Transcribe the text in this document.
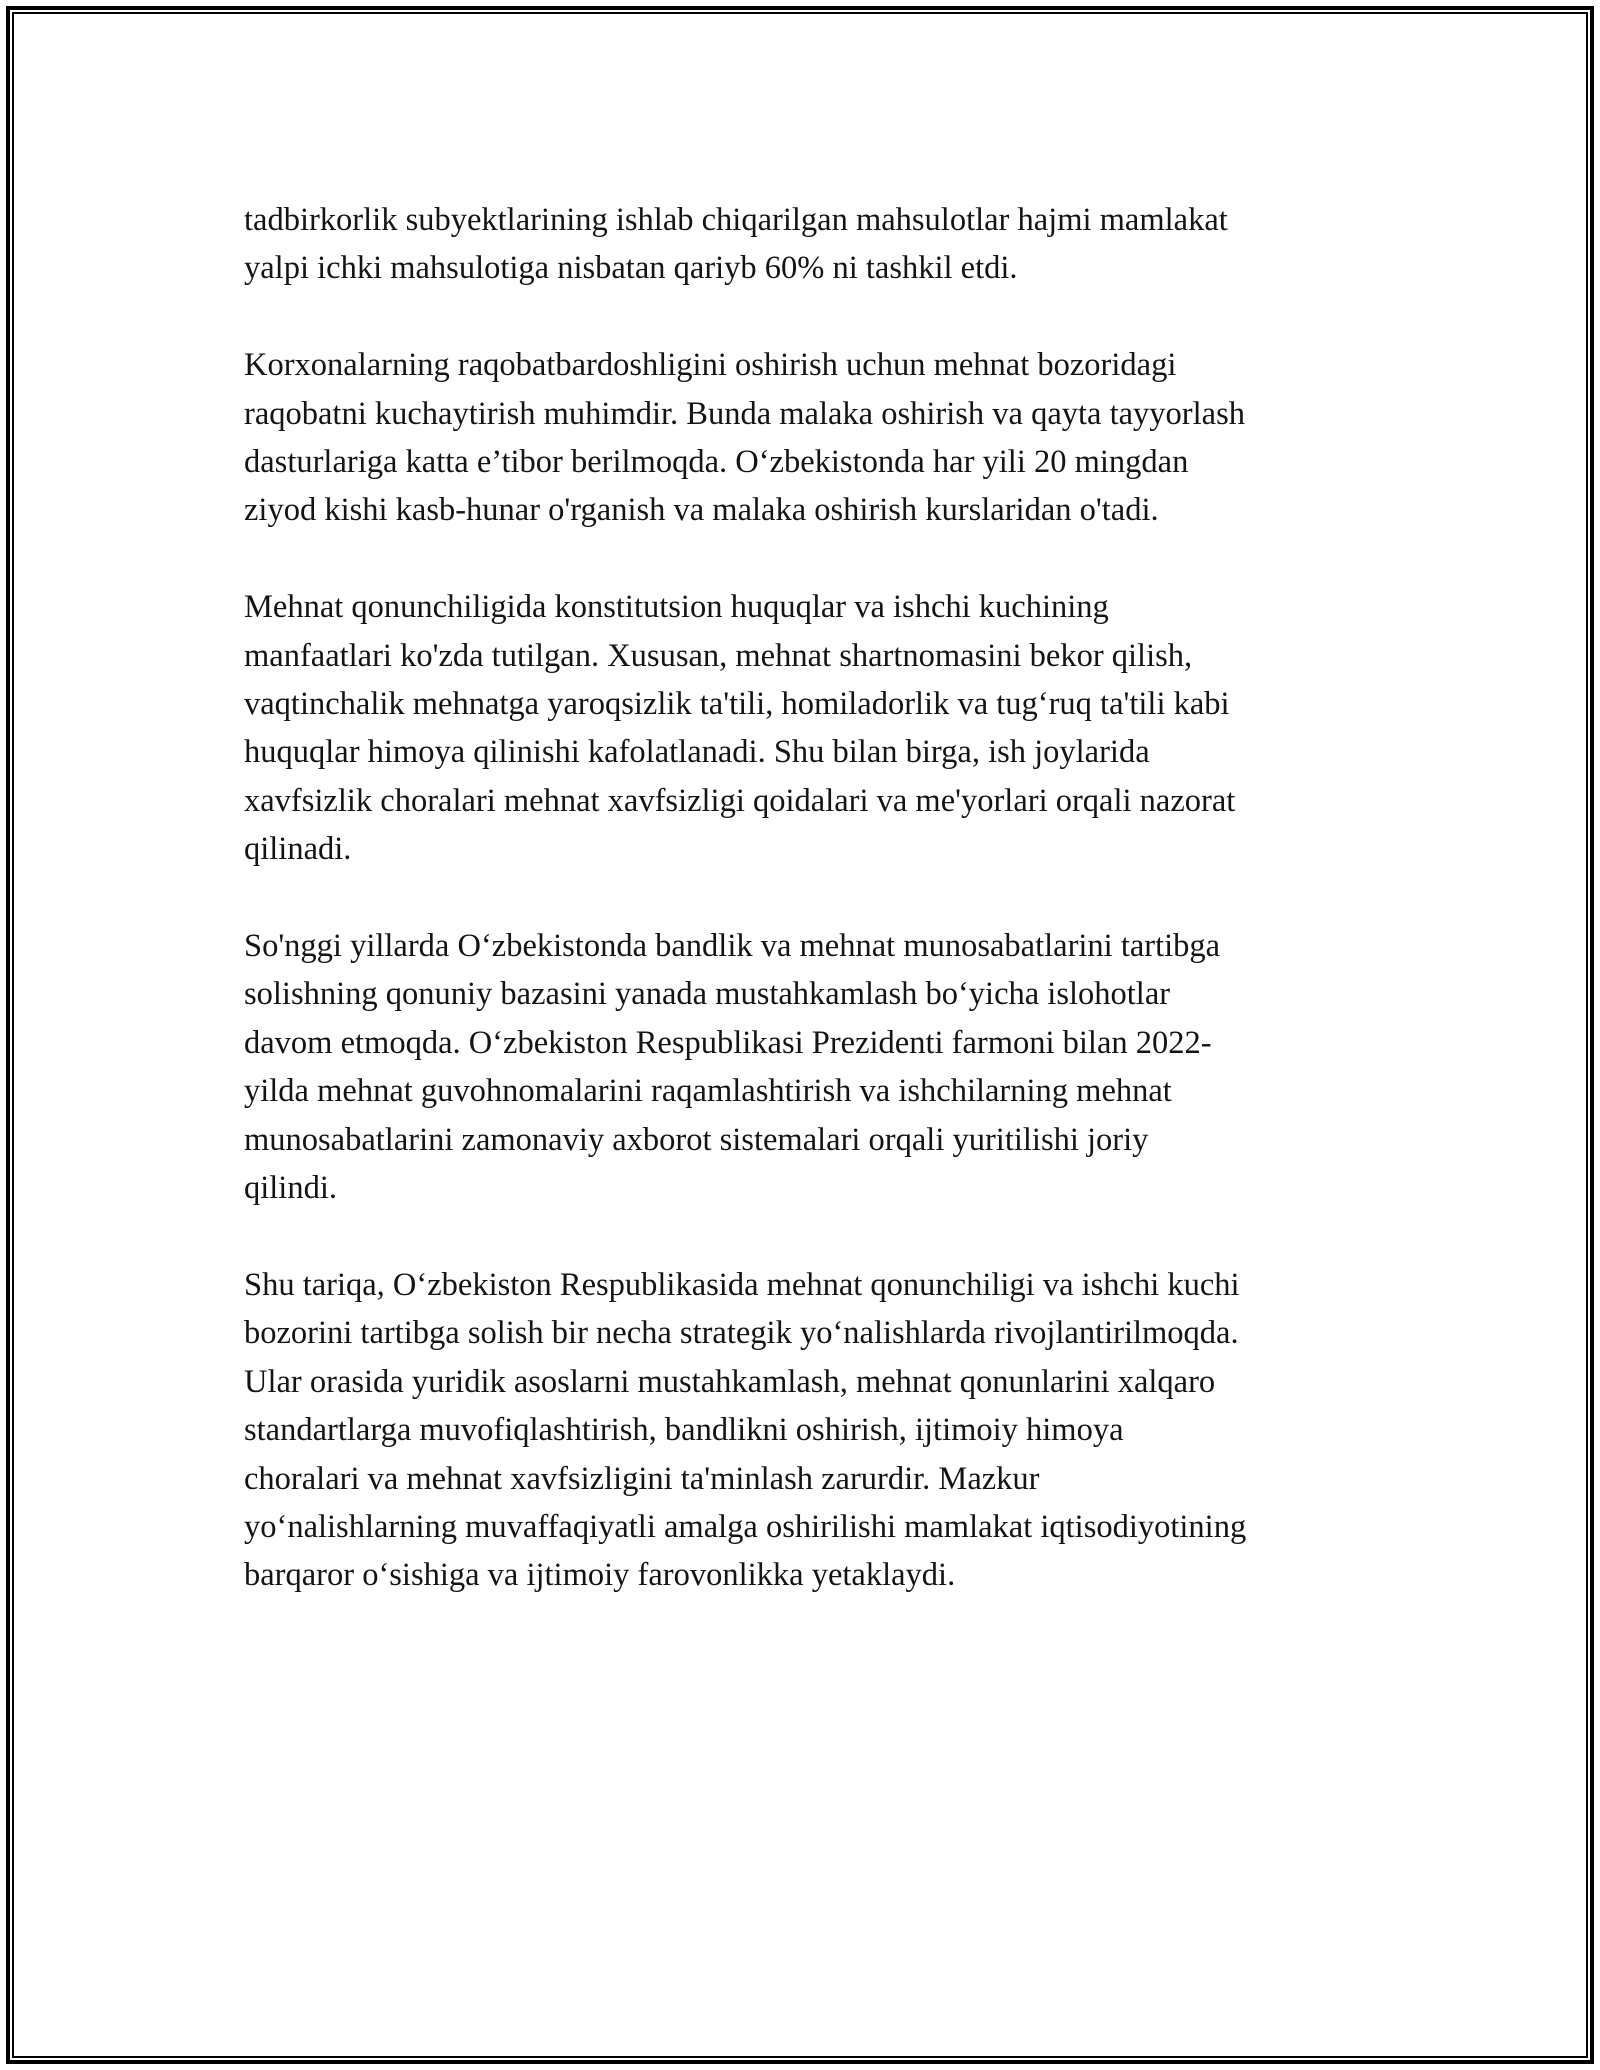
tadbirkorlik subyektlarining ishlab chiqarilgan mahsulotlar hajmi mamlakat
yalpi ichki mahsulotiga nisbatan qariyb 60% ni tashkil etdi.

Korxonalarning raqobatbardoshligini oshirish uchun mehnat bozoridagi
raqobatni kuchaytirish muhimdir. Bunda malaka oshirish va qayta tayyorlash
dasturlariga katta e’tibor berilmoqda. O‘zbekistonda har yili 20 mingdan
ziyod kishi kasb-hunar o'rganish va malaka oshirish kurslaridan o'tadi.

Mehnat qonunchiligida konstitutsion huquqlar va ishchi kuchining
manfaatlari ko'zda tutilgan. Xususan, mehnat shartnomasini bekor qilish,
vaqtinchalik mehnatga yaroqsizlik ta'tili, homiladorlik va tug‘ruq ta'tili kabi
huquqlar himoya qilinishi kafolatlanadi. Shu bilan birga, ish joylarida
xavfsizlik choralari mehnat xavfsizligi qoidalari va me'yorlari orqali nazorat
qilinadi.

So'nggi yillarda O‘zbekistonda bandlik va mehnat munosabatlarini tartibga
solishning qonuniy bazasini yanada mustahkamlash bo‘yicha islohotlar
davom etmoqda. O‘zbekiston Respublikasi Prezidenti farmoni bilan 2022-
yilda mehnat guvohnomalarini raqamlashtirish va ishchilarning mehnat
munosabatlarini zamonaviy axborot sistemalari orqali yuritilishi joriy
qilindi.

Shu tariqa, O‘zbekiston Respublikasida mehnat qonunchiligi va ishchi kuchi
bozorini tartibga solish bir necha strategik yo‘nalishlarda rivojlantirilmoqda.
Ular orasida yuridik asoslarni mustahkamlash, mehnat qonunlarini xalqaro
standartlarga muvofiqlashtirish, bandlikni oshirish, ijtimoiy himoya
choralari va mehnat xavfsizligini ta'minlash zarurdir. Mazkur
yo‘nalishlarning muvaffaqiyatli amalga oshirilishi mamlakat iqtisodiyotining
barqaror o‘sishiga va ijtimoiy farovonlikka yetaklaydi.
